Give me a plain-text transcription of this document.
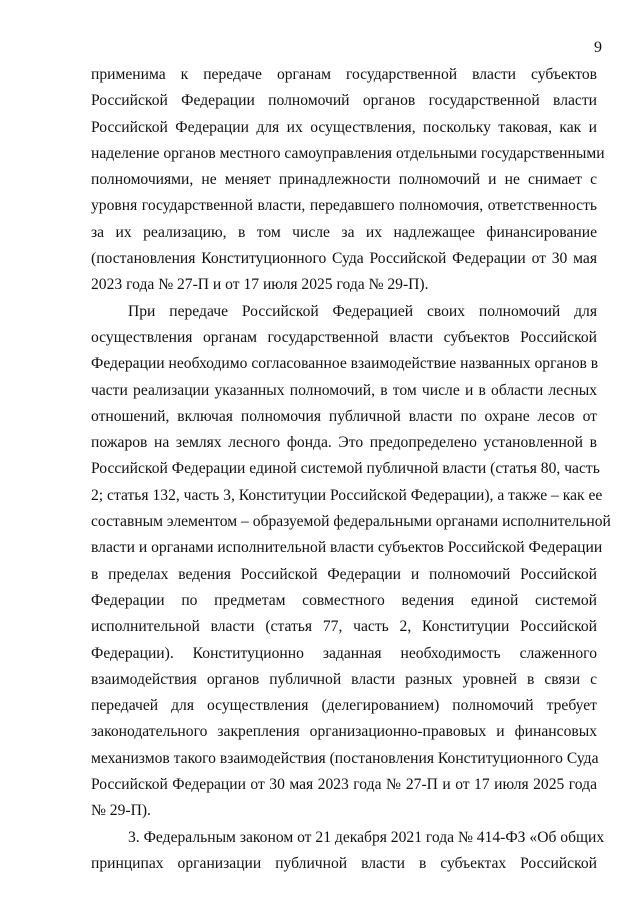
9
применима к передаче органам государственной власти субъектов
Российской Федерации полномочий органов государственной власти
Российской Федерации для их осуществления, поскольку таковая, как и
наделение органов местного самоуправления отдельными государственными
полномочиями, не меняет принадлежности полномочий и не снимает с
уровня государственной власти, передавшего полномочия, ответственность
за их реализацию, в том числе за их надлежащее финансирование
(постановления Конституционного Суда Российской Федерации от 30 мая
2023 года № 27-П и от 17 июля 2025 года № 29-П).
При передаче Российской Федерацией своих полномочий для
осуществления органам государственной власти субъектов Российской
Федерации необходимо согласованное взаимодействие названных органов в
части реализации указанных полномочий, в том числе и в области лесных
отношений, включая полномочия публичной власти по охране лесов от
пожаров на землях лесного фонда. Это предопределено установленной в
Российской Федерации единой системой публичной власти (статья 80, часть
2; статья 132, часть 3, Конституции Российской Федерации), а также – как ее
составным элементом – образуемой федеральными органами исполнительной
власти и органами исполнительной власти субъектов Российской Федерации
в пределах ведения Российской Федерации и полномочий Российской
Федерации по предметам совместного ведения единой системой
исполнительной власти (статья 77, часть 2, Конституции Российской
Федерации). Конституционно заданная необходимость слаженного
взаимодействия органов публичной власти разных уровней в связи с
передачей для осуществления (делегированием) полномочий требует
законодательного закрепления организационно-правовых и финансовых
механизмов такого взаимодействия (постановления Конституционного Суда
Российской Федерации от 30 мая 2023 года № 27-П и от 17 июля 2025 года
№ 29-П).
3. Федеральным законом от 21 декабря 2021 года № 414-ФЗ «Об общих
принципах организации публичной власти в субъектах Российской
